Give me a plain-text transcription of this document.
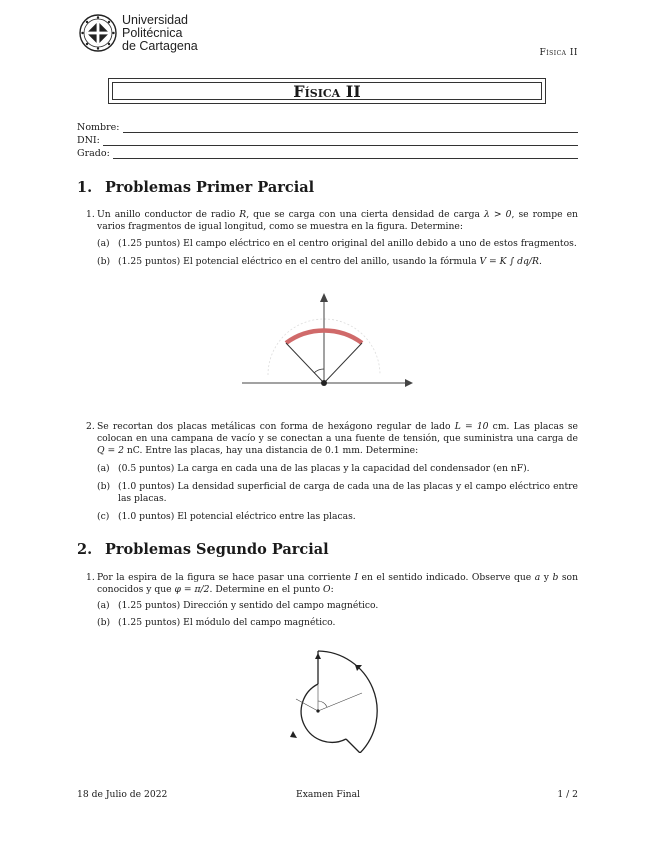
Universidad
Politécnica
de Cartagena	Física II
Física II
Nombre:
DNI:
Grado:
1. Problemas Primer Parcial
1. Un anillo conductor de radio R, que se carga con una cierta densidad de carga λ > 0, se rompe en varios fragmentos de igual longitud, como se muestra en la figura. Determine:
(a) (1.25 puntos) El campo eléctrico en el centro original del anillo debido a uno de estos fragmentos.
(b) (1.25 puntos) El potencial eléctrico en el centro del anillo, usando la fórmula V = K ∫ dq/R.
2. Se recortan dos placas metálicas con forma de hexágono regular de lado L = 10 cm. Las placas se colocan en una campana de vacío y se conectan a una fuente de tensión, que suministra una carga de Q = 2 nC. Entre las placas, hay una distancia de 0.1 mm. Determine:
(a) (0.5 puntos) La carga en cada una de las placas y la capacidad del condensador (en nF).
(b) (1.0 puntos) La densidad superficial de carga de cada una de las placas y el campo eléctrico entre las placas.
(c) (1.0 puntos) El potencial eléctrico entre las placas.
2. Problemas Segundo Parcial
1. Por la espira de la figura se hace pasar una corriente I en el sentido indicado. Observe que a y b son conocidos y que φ = π/2. Determine en el punto O:
(a) (1.25 puntos) Dirección y sentido del campo magnético.
(b) (1.25 puntos) El módulo del campo magnético.
18 de Julio de 2022	Examen Final	1 / 2
